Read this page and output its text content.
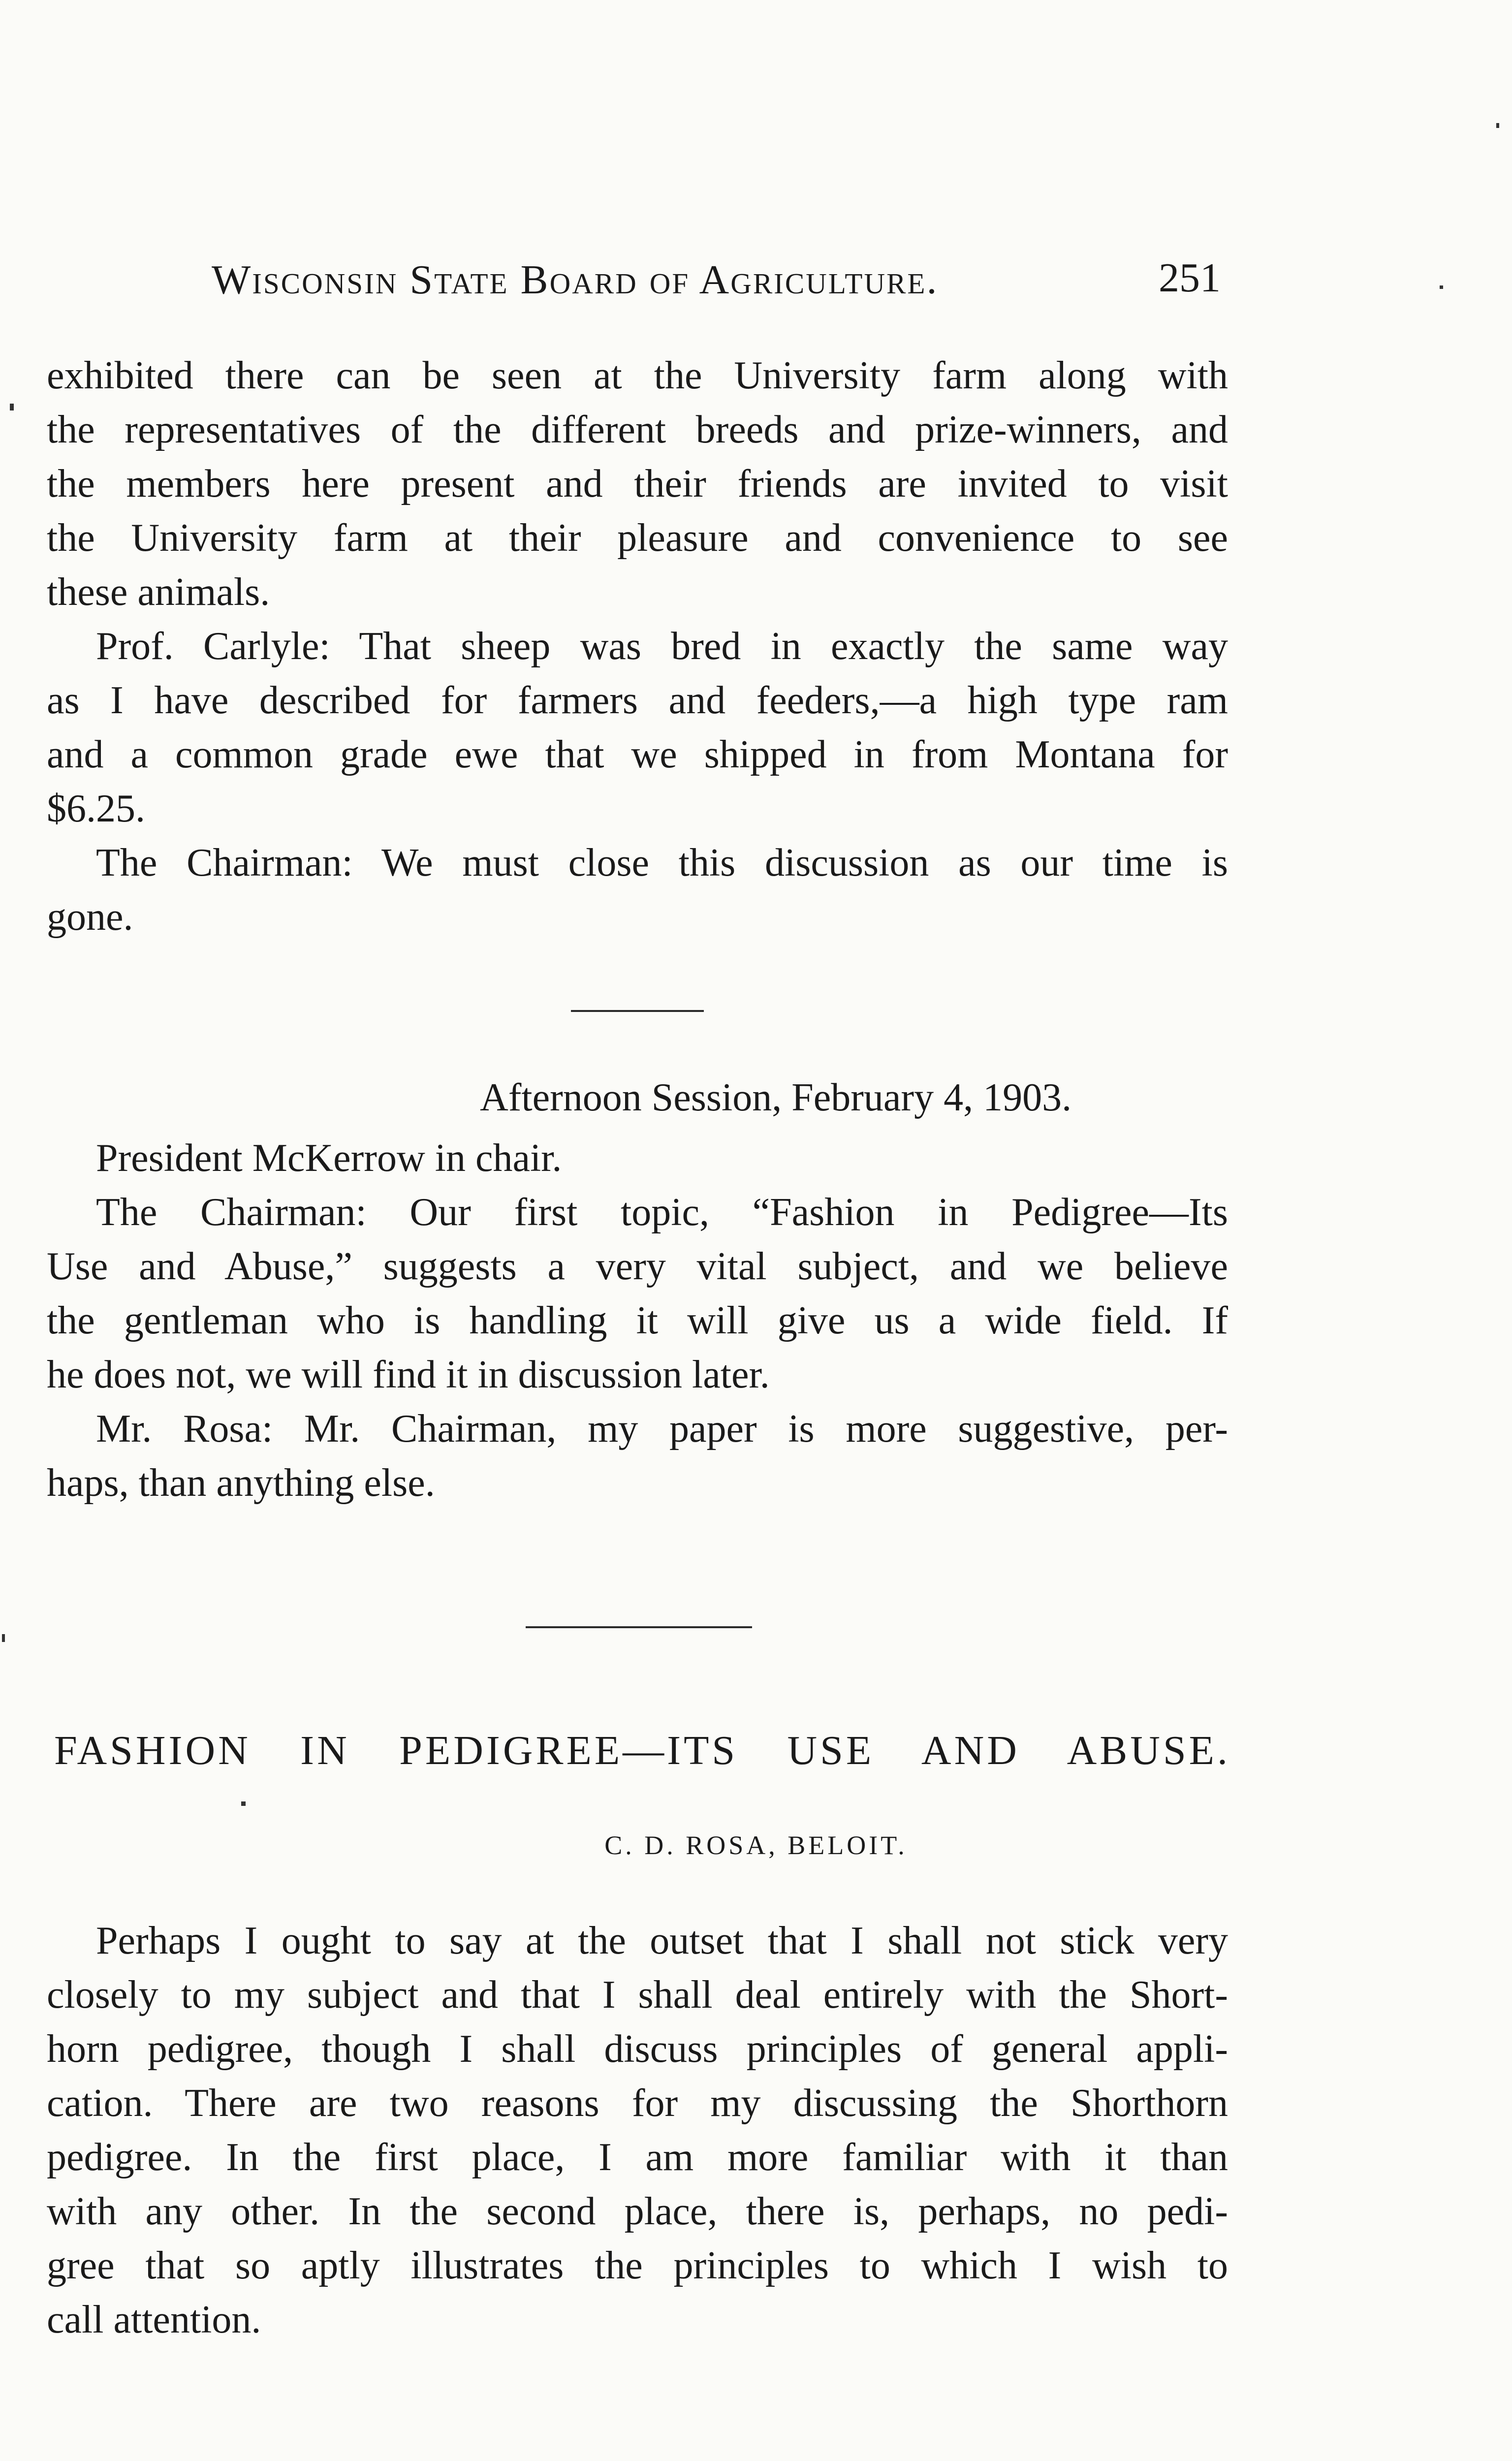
Wisconsin State Board of Agriculture.	251
exhibited there can be seen at the University farm along with
the representatives of the different breeds and prize-winners, and
the members here present and their friends are invited to visit
the University farm at their pleasure and convenience to see
these animals.
Prof. Carlyle: That sheep was bred in exactly the same way
as I have described for farmers and feeders,—a high type ram
and a common grade ewe that we shipped in from Montana for
$6.25.
The Chairman: We must close this discussion as our time is
gone.
Afternoon Session, February 4, 1903.
President McKerrow in chair.
The Chairman: Our first topic, “Fashion in Pedigree—Its
Use and Abuse,” suggests a very vital subject, and we believe
the gentleman who is handling it will give us a wide field. If
he does not, we will find it in discussion later.
Mr. Rosa: Mr. Chairman, my paper is more suggestive, per-
haps, than anything else.
FASHION IN PEDIGREE—ITS USE AND ABUSE.
C. D. ROSA, BELOIT.
Perhaps I ought to say at the outset that I shall not stick very
closely to my subject and that I shall deal entirely with the Short-
horn pedigree, though I shall discuss principles of general appli-
cation. There are two reasons for my discussing the Shorthorn
pedigree. In the first place, I am more familiar with it than
with any other. In the second place, there is, perhaps, no pedi-
gree that so aptly illustrates the principles to which I wish to
call attention.
